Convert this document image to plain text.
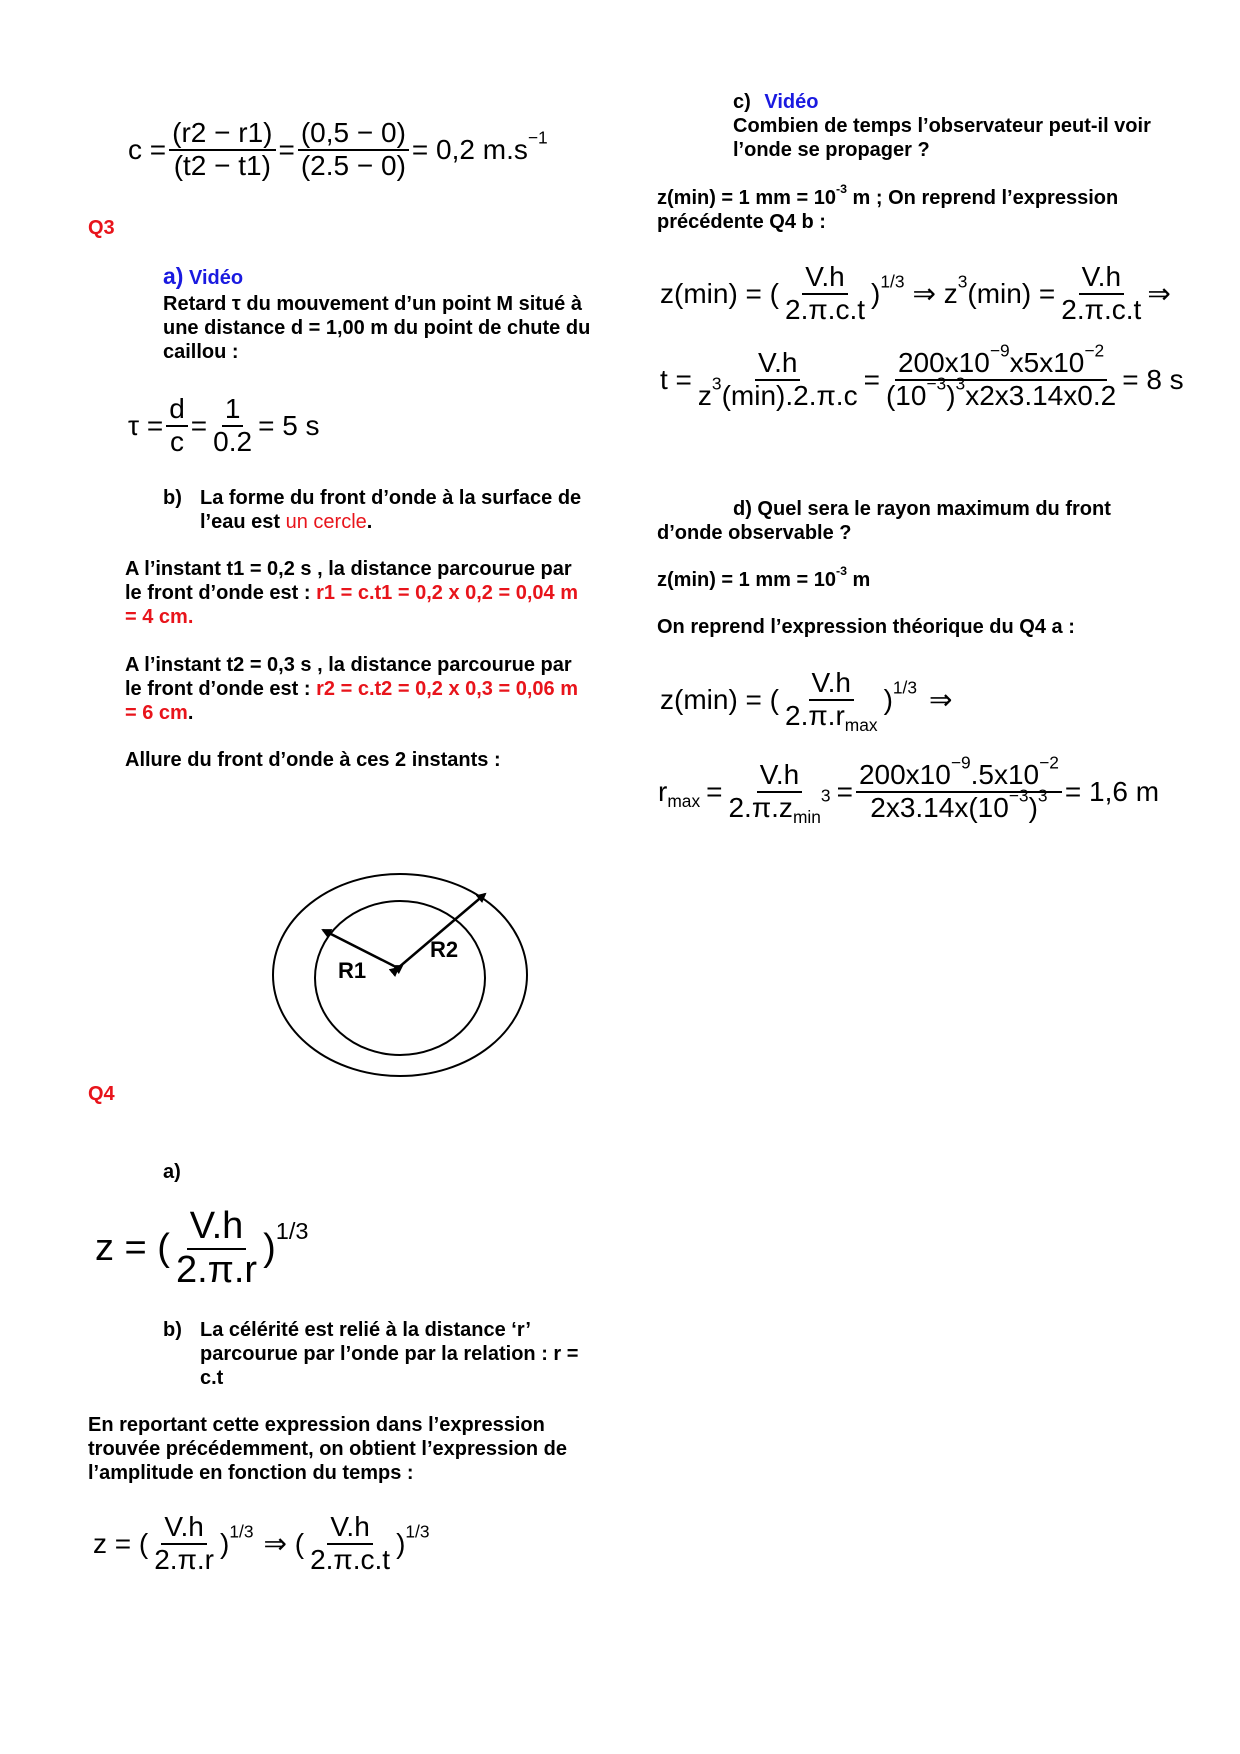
$c = \frac{(r2 - r1)}{(t2 - t1)} = \frac{(0,5 - 0)}{(2.5 - 0)} = 0,2$ $m.s^{-1}$
Q3
a) Vidéo
Retard τ du mouvement d’un point M situé à une distance d = 1,00 m du point de chute du caillou :
$\tau = \frac{d}{c} = \frac{1}{0.2} = 5$ s
b) La forme du front d’onde à la surface de l’eau est un cercle.
A l’instant t1 = 0,2 s , la distance parcourue par le front d’onde est : r1 = c.t1 = 0,2 x 0,2 = 0,04 m = 4 cm.
A l’instant t2 = 0,3 s , la distance parcourue par le front d’onde est : r2 = c.t2 = 0,2 x 0,3 = 0,06 m = 6 cm.
Allure du front d’onde à ces 2 instants :
R1
R2
Q4
a)
z = ( $\frac{V.h}{2.\pi.r} )^{1/3}$
b) La célérité est relié à la distance ‘r’ parcourue par l’onde par la relation : r = c.t
En reportant cette expression dans l’expression trouvée précédemment, on obtient l’expression de l’amplitude en fonction du temps :
z = ( $\frac{V.h}{2.\pi.r} )^{1/3}$ ⇒ ( $\frac{V.h}{2.\pi.c.t} )^{1/3}$
c) Vidéo
Combien de temps l’observateur peut-il voir l’onde se propager ?
z(min) = 1 mm = $10^{-3}$ m ; On reprend l’expression précédente Q4 b :
z(min) = ( $\frac{V.h}{2.\pi.c.t} )^{1/3}$ ⇒ $z^3(\min) = \frac{V.h}{2.\pi.c.t}$ ⇒
$t = \frac{V.h}{z^3(\min).2.\pi.c} = \frac{200x10^{-9}x5x10^{-2}}{(10^{-3})^3x2x3.14x0.2} = 8$ s
d) Quel sera le rayon maximum du front d’onde observable ?
z(min) = 1 mm = $10^{-3}$ m
On reprend l’expression théorique du Q4 a :
z(min) = ( $\frac{V.h}{2.\pi.r_{max}} )^{1/3}$ ⇒
$r_{max} = \frac{V.h}{2.\pi.z_{min}^3} = \frac{200x10^{-9}.5x10^{-2}}{2x3.14x(10^{-3})^3} = 1,6$ m
